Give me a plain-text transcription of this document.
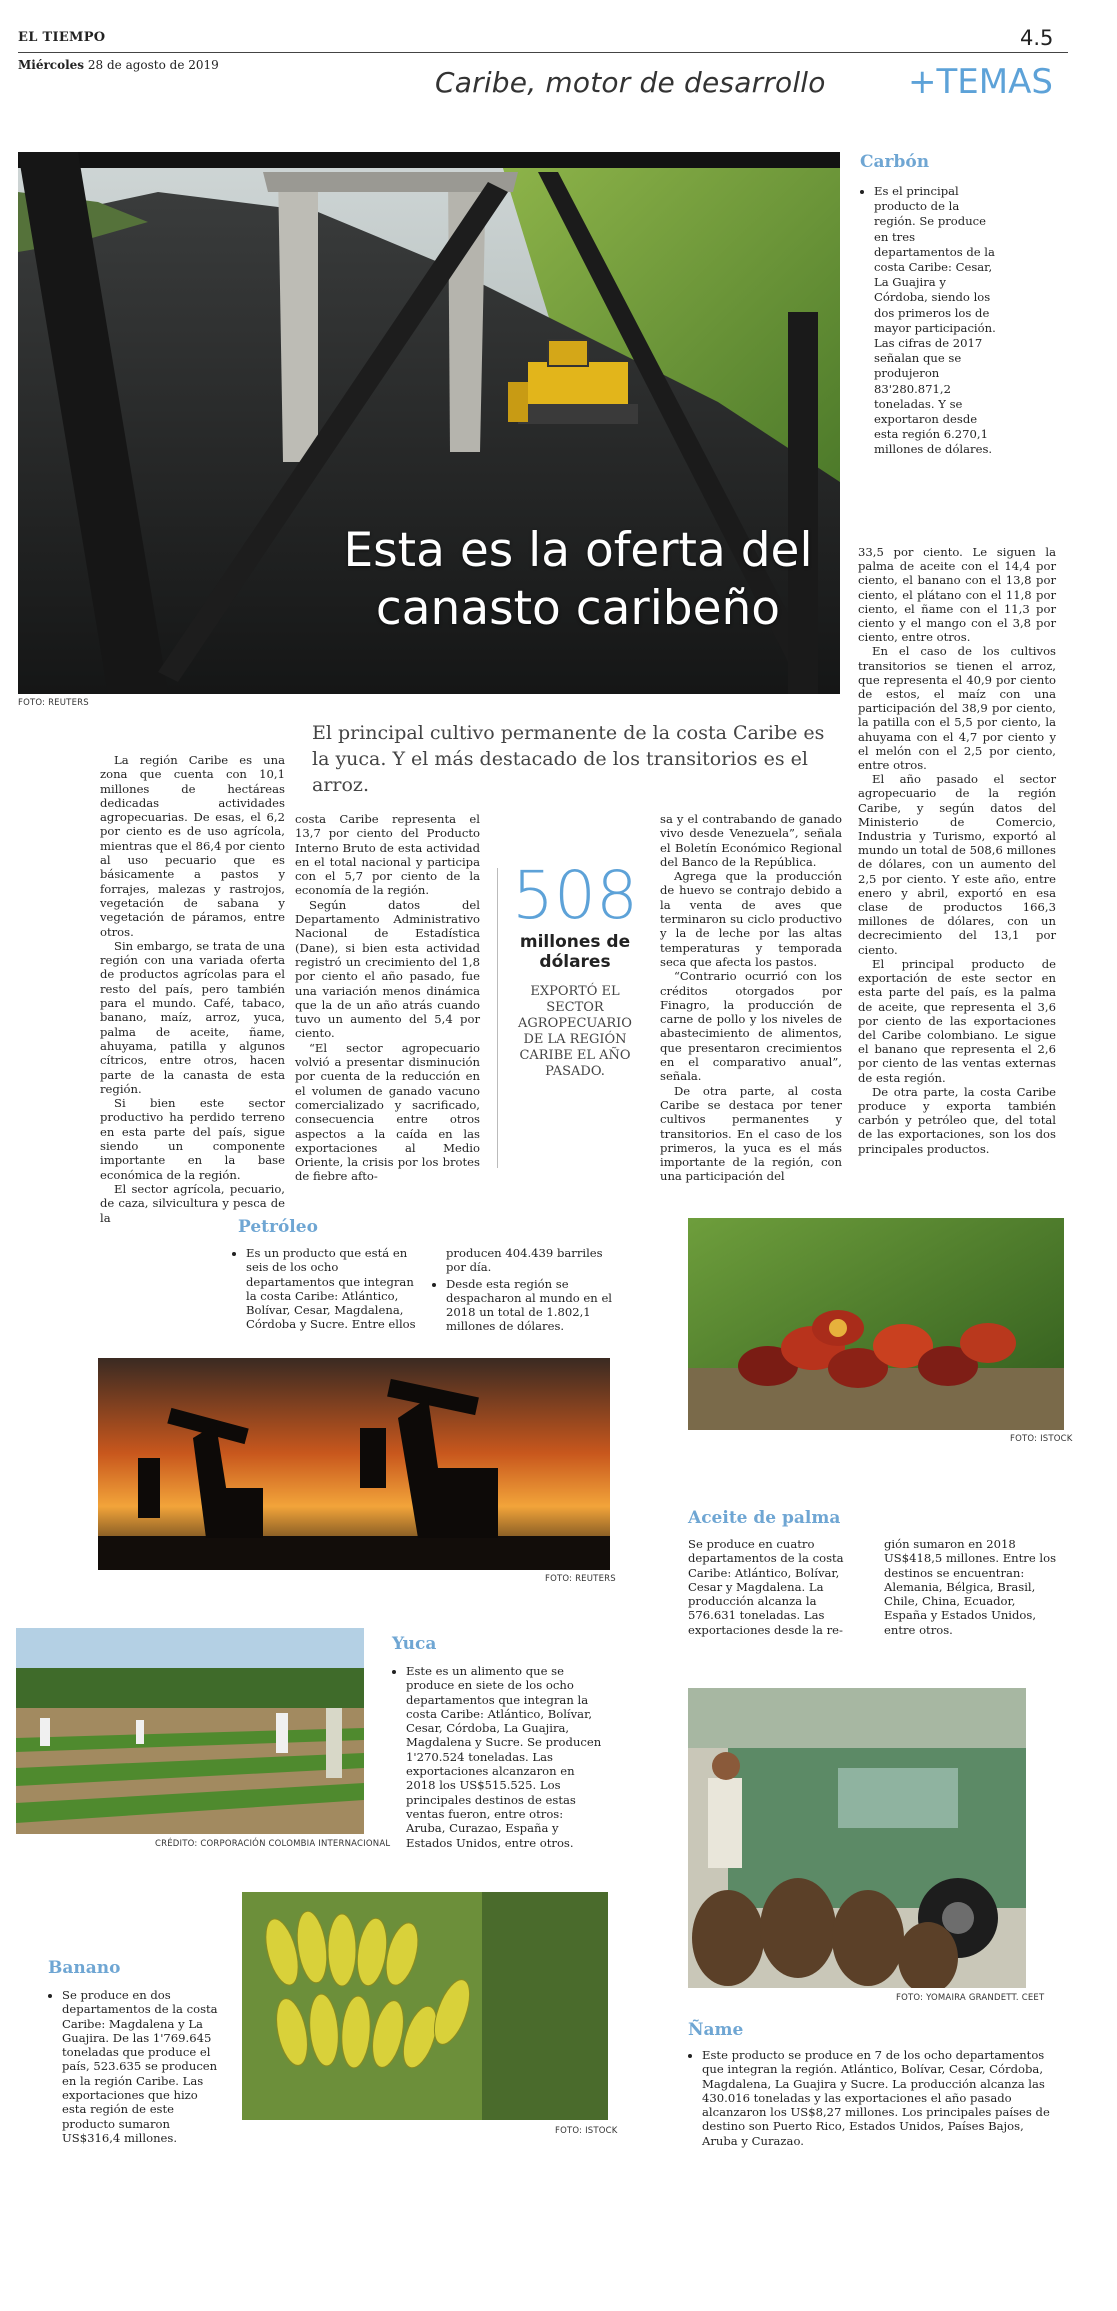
EL TIEMPO	4.5
Miércoles 28 de agosto de 2019
Caribe, motor de desarrollo +TEMAS
Esta es la oferta del
canasto caribeño
FOTO: REUTERS
Carbón
• Es el principal producto de la región. Se produce en tres departamentos de la costa Caribe: Cesar, La Guajira y Córdoba, siendo los dos primeros los de mayor participación. Las cifras de 2017 señalan que se produjeron 83'280.871,2 toneladas. Y se exportaron desde esta región 6.270,1 millones de dólares.
El principal cultivo permanente de la costa Caribe es la yuca. Y el más destacado de los transitorios es el arroz.

La región Caribe es una zona que cuenta con 10,1 millones de hectáreas dedicadas actividades agropecuarias. De esas, el 6,2 por ciento es de uso agrícola, mientras que el 86,4 por ciento al uso pecuario que es básicamente a pastos y forrajes, malezas y rastrojos, vegetación de sabana y vegetación de páramos, entre otros.

Sin embargo, se trata de una región con una variada oferta de productos agrícolas para el resto del país, pero también para el mundo. Café, tabaco, banano, maíz, arroz, yuca, palma de aceite, ñame, ahuyama, patilla y algunos cítricos, entre otros, hacen parte de la canasta de esta región.

Si bien este sector productivo ha perdido terreno en esta parte del país, sigue siendo un componente importante en la base económica de la región.

El sector agrícola, pecuario, de caza, silvicultura y pesca de la

costa Caribe representa el 13,7 por ciento del Producto Interno Bruto de esta actividad en el total nacional y participa con el 5,7 por ciento de la economía de la región.

Según datos del Departamento Administrativo Nacional de Estadística (Dane), si bien esta actividad registró un crecimiento del 1,8 por ciento el año pasado, fue una variación menos dinámica que la de un año atrás cuando tuvo un aumento del 5,4 por ciento.

“El sector agropecuario volvió a presentar disminución por cuenta de la reducción en el volumen de ganado vacuno comercializado y sacrificado, consecuencia entre otros aspectos a la caída en las exportaciones al Medio Oriente, la crisis por los brotes de fiebre afto-

508
millones de
dólares
EXPORTÓ EL SECTOR AGROPECUARIO DE LA REGIÓN CARIBE EL AÑO PASADO.

sa y el contrabando de ganado vivo desde Venezuela”, señala el Boletín Económico Regional del Banco de la República.

Agrega que la producción de huevo se contrajo debido a la venta de aves que terminaron su ciclo productivo y la de leche por las altas temperaturas y temporada seca que afecta los pastos.

“Contrario ocurrió con los créditos otorgados por Finagro, la producción de carne de pollo y los niveles de abastecimiento de alimentos, que presentaron crecimientos en el comparativo anual”, señala.

De otra parte, al costa Caribe se destaca por tener cultivos permanentes y transitorios. En el caso de los primeros, la yuca es el más importante de la región, con una participación del

33,5 por ciento. Le siguen la palma de aceite con el 14,4 por ciento, el banano con el 13,8 por ciento, el plátano con el 11,8 por ciento, el ñame con el 11,3 por ciento y el mango con el 3,8 por ciento, entre otros.

En el caso de los cultivos transitorios se tienen el arroz, que representa el 40,9 por ciento de estos, el maíz con una participación del 38,9 por ciento, la patilla con el 5,5 por ciento, la ahuyama con el 4,7 por ciento y el melón con el 2,5 por ciento, entre otros.

El año pasado el sector agropecuario de la región Caribe, y según datos del Ministerio de Comercio, Industria y Turismo, exportó al mundo un total de 508,6 millones de dólares, con un aumento del 2,5 por ciento. Y este año, entre enero y abril, exportó en esa clase de productos 166,3 millones de dólares, con un decrecimiento del 13,1 por ciento.

El principal producto de exportación de este sector en esta parte del país, es la palma de aceite, que representa el 3,6 por ciento de las exportaciones del Caribe colombiano. Le sigue el banano que representa el 2,6 por ciento de las ventas externas de esta región.

De otra parte, la costa Caribe produce y exporta también carbón y petróleo que, del total de las exportaciones, son los dos principales productos.

Petróleo
• Es un producto que está en seis de los ocho departamentos que integran la costa Caribe: Atlántico, Bolívar, Cesar, Magdalena, Córdoba y Sucre. Entre ellos
producen 404.439 barriles por día.
• Desde esta región se despacharon al mundo en el 2018 un total de 1.802,1 millones de dólares.
FOTO: REUTERS
FOTO: ISTOCK
Aceite de palma
Se produce en cuatro departamentos de la costa Caribe: Atlántico, Bolívar, Cesar y Magdalena. La producción alcanza la 576.631 toneladas. Las exportaciones desde la re-
gión sumaron en 2018 US$418,5 millones. Entre los destinos se encuentran: Alemania, Bélgica, Brasil, Chile, China, Ecuador, España y Estados Unidos, entre otros.
CRÉDITO: CORPORACIÓN COLOMBIA INTERNACIONAL
Yuca
• Este es un alimento que se produce en siete de los ocho departamentos que integran la costa Caribe: Atlántico, Bolívar, Cesar, Córdoba, La Guajira, Magdalena y Sucre. Se producen 1'270.524 toneladas. Las exportaciones alcanzaron en 2018 los US$515.525. Los principales destinos de estas ventas fueron, entre otros: Aruba, Curazao, España y Estados Unidos, entre otros.
FOTO: ISTOCK
Banano
• Se produce en dos departamentos de la costa Caribe: Magdalena y La Guajira. De las 1'769.645 toneladas que produce el país, 523.635 se producen en la región Caribe. Las exportaciones que hizo esta región de este producto sumaron US$316,4 millones.
FOTO: YOMAIRA GRANDETT. CEET
Ñame
• Este producto se produce en 7 de los ocho departamentos que integran la región. Atlántico, Bolívar, Cesar, Córdoba, Magdalena, La Guajira y Sucre. La producción alcanza las 430.016 toneladas y las exportaciones el año pasado alcanzaron los US$8,27 millones. Los principales países de destino son Puerto Rico, Estados Unidos, Países Bajos, Aruba y Curazao.
